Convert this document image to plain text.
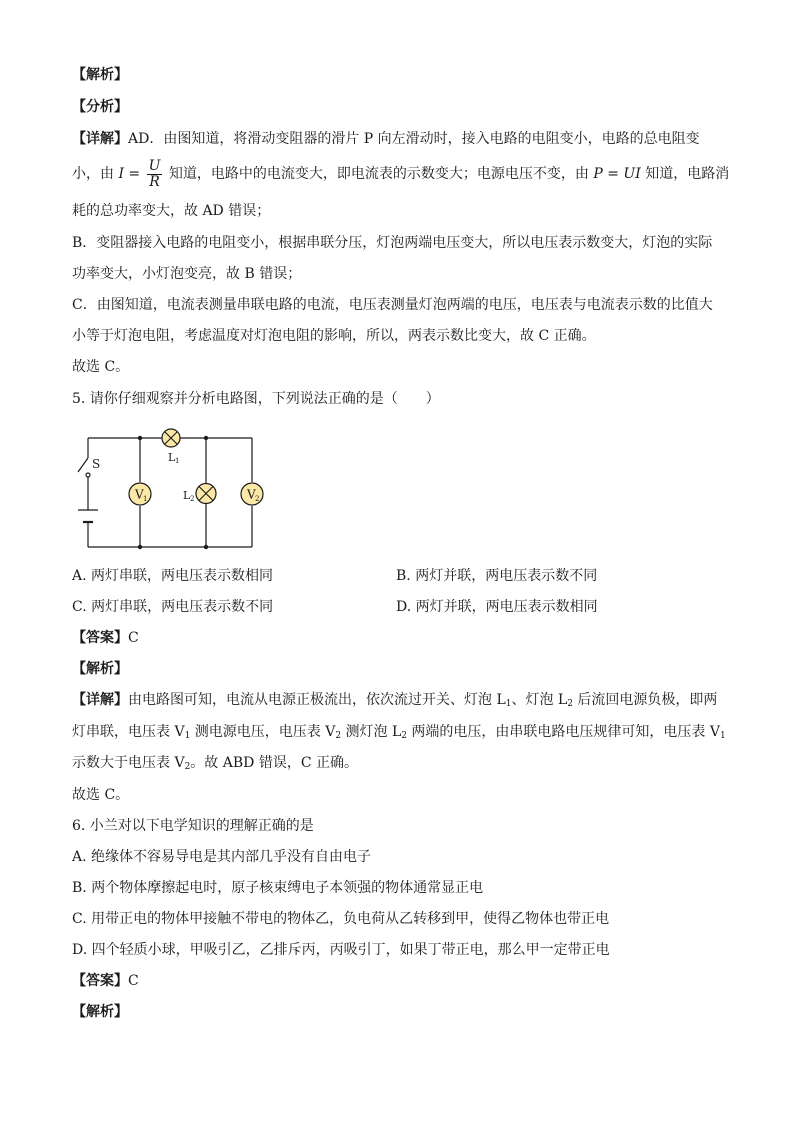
【解析】
【分析】
【详解】AD．由图知道，将滑动变阻器的滑片 P 向左滑动时，接入电路的电阻变小，电路的总电阻变
小，由 $I = \frac{U}{R}$ 知道，电路中的电流变大，即电流表的示数变大；电源电压不变，由 P = UI 知道，电路消
耗的总功率变大，故 AD 错误；
B．变阻器接入电路的电阻变小，根据串联分压，灯泡两端电压变大，所以电压表示数变大，灯泡的实际
功率变大，小灯泡变亮，故 B 错误；
C．由图知道，电流表测量串联电路的电流，电压表测量灯泡两端的电压，电压表与电流表示数的比值大
小等于灯泡电阻，考虑温度对灯泡电阻的影响，所以，两表示数比变大，故 C 正确。
故选 C。
5. 请你仔细观察并分析电路图，下列说法正确的是（　　）
V 1	V 2
S	L 1
L 2
A. 两灯串联，两电压表示数相同	B. 两灯并联，两电压表示数不同
C. 两灯串联，两电压表示数不同	D. 两灯并联，两电压表示数相同
【答案】C
【解析】
【详解】由电路图可知，电流从电源正极流出，依次流过开关、灯泡 $L_1$、灯泡 $L_2$ 后流回电源负极，即两
灯串联，电压表 $V_1$ 测电源电压，电压表 $V_2$ 测灯泡 $L_2$ 两端的电压，由串联电路电压规律可知，电压表 $V_1$
示数大于电压表 $V_2$。故 ABD 错误，C 正确。
故选 C。
6. 小兰对以下电学知识的理解正确的是
A. 绝缘体不容易导电是其内部几乎没有自由电子
B. 两个物体摩擦起电时，原子核束缚电子本领强的物体通常显正电
C. 用带正电的物体甲接触不带电的物体乙，负电荷从乙转移到甲，使得乙物体也带正电
D. 四个轻质小球，甲吸引乙，乙排斥丙，丙吸引丁，如果丁带正电，那么甲一定带正电
【答案】C
【解析】
